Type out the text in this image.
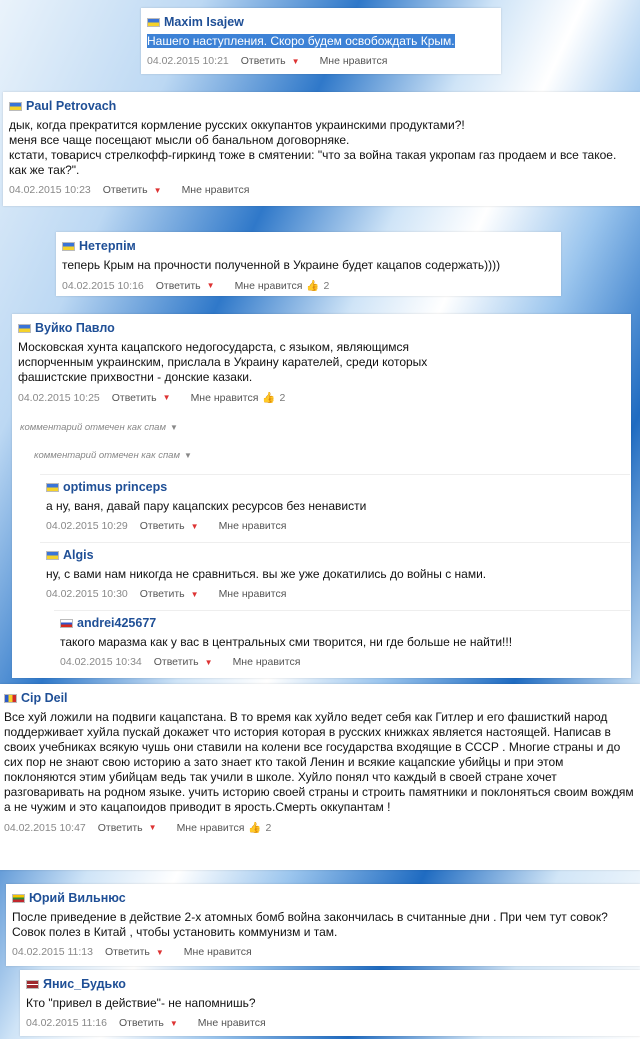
Maxim Isajew
Нашего наступления. Скоро будем освобождать Крым.
04.02.2015 10:21 Ответить ▼ Мне нравится
Paul Petrovach
дык, когда прекратится кормление русских оккупантов украинскими продуктами?!
меня все чаще посещают мысли об банальном договорняке.
кстати, товарисч стрелкофф-гиркинд тоже в смятении: "что за война такая укропам газ продаем и все такое. как же так?".
04.02.2015 10:23 Ответить ▼ Мне нравится
Нетерпім
теперь Крым на прочности полученной в Украине будет кацапов содержать))))
04.02.2015 10:16 Ответить ▼ Мне нравится 👍 2
Вуйко Павло
Московская хунта кацапского недогосударста, с языком, являющимся
испорченным украинским, прислала в Украину карателей, среди которых
фашистские прихвостни - донские казаки.
04.02.2015 10:25 Ответить ▼ Мне нравится 👍 2
комментарий отмечен как спам ▼
комментарий отмечен как спам ▼
optimus princeps
а ну, ваня, давай пару кацапских ресурсов без ненависти
04.02.2015 10:29 Ответить ▼ Мне нравится
Algis
ну, с вами нам никогда не сравниться. вы же уже докатились до войны с нами.
04.02.2015 10:30 Ответить ▼ Мне нравится
andrei425677
такого маразма как у вас в центральных сми творится, ни где больше не найти!!!
04.02.2015 10:34 Ответить ▼ Мне нравится
Cip Deil
Все хуй ложили на подвиги кацапстана. В то время как хуйло ведет себя как Гитлер и его фашисткий народ поддерживает хуйла пускай докажет что история которая в русских книжках является настоящей. Написав в своих учебниках всякую чушь они ставили на колени все государства входящие в СССР . Многие страны и до сих пор не знают свою историю а зато знает кто такой Ленин и всякие кацапские убийцы и при этом поклоняются этим убийцам ведь так учили в школе. Хуйло понял что каждый в своей стране хочет разговаривать на родном языке. учить историю своей страны и строить памятники и поклоняться своим вождям а не чужим и это кацапоидов приводит в ярость.Смерть оккупантам !
04.02.2015 10:47 Ответить ▼ Мне нравится 👍 2
Юрий Вильнюс
После приведение в действие 2-х атомных бомб война закончилась в считанные дни . При чем тут совок? Совок полез в Китай , чтобы установить коммунизм и там.
04.02.2015 11:13 Ответить ▼ Мне нравится
Янис_Будько
Кто "привел в действие"- не напомнишь?
04.02.2015 11:16 Ответить ▼ Мне нравится
